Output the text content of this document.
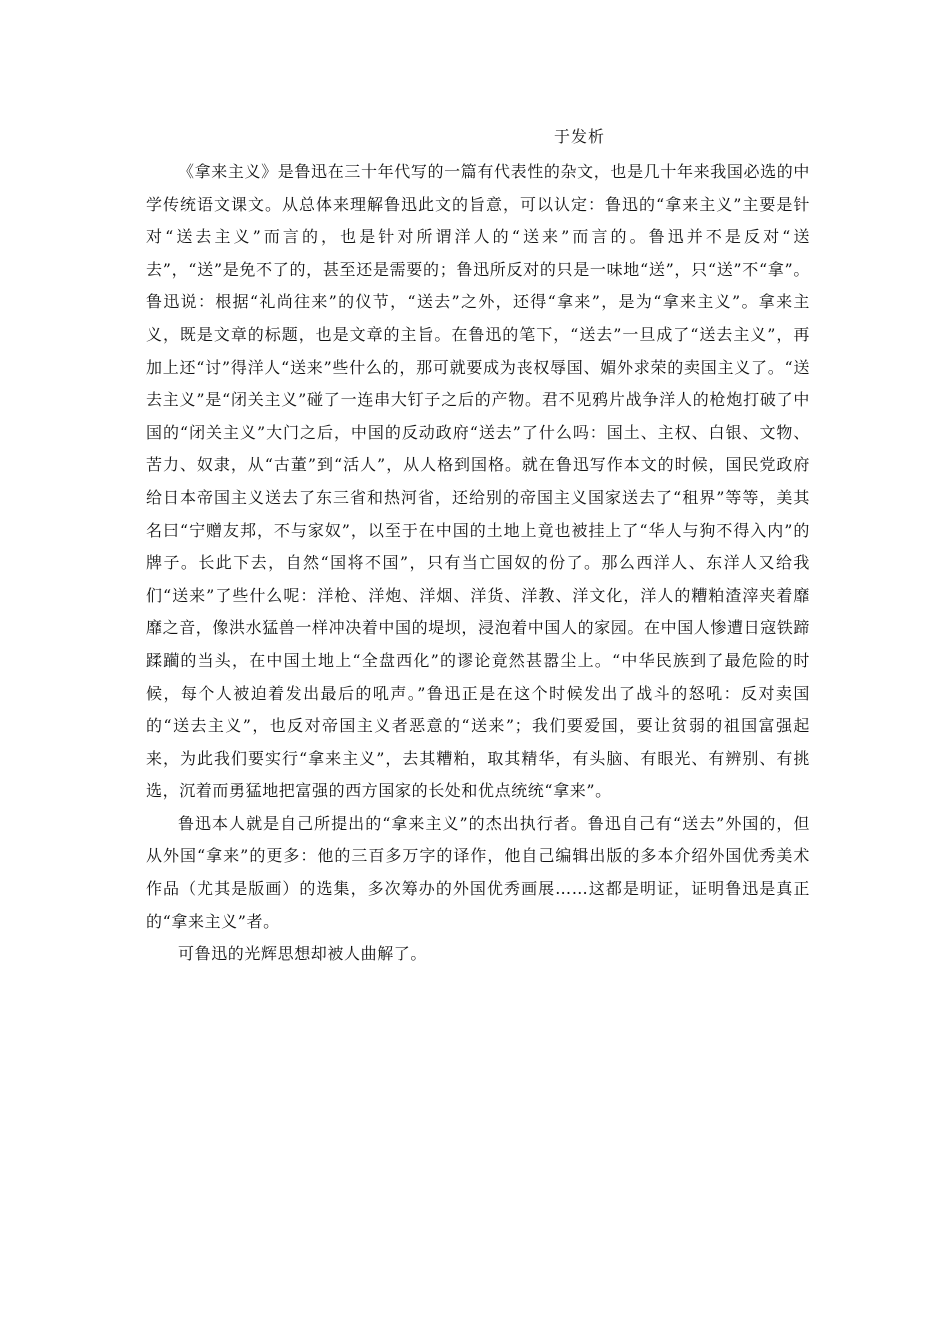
于发析

《拿来主义》是鲁迅在三十年代写的一篇有代表性的杂文，也是几十年来我国必选的中学传统语文课文。从总体来理解鲁迅此文的旨意，可以认定：鲁迅的“拿来主义”主要是针对“送去主义”而言的，也是针对所谓洋人的“送来”而言的。鲁迅并不是反对“送去”，“送”是免不了的，甚至还是需要的；鲁迅所反对的只是一味地“送”，只“送”不“拿”。鲁迅说：根据“礼尚往来”的仪节，“送去”之外，还得“拿来”，是为“拿来主义”。拿来主义，既是文章的标题，也是文章的主旨。在鲁迅的笔下，“送去”一旦成了“送去主义”，再加上还“讨”得洋人“送来”些什么的，那可就要成为丧权辱国、媚外求荣的卖国主义了。“送去主义”是“闭关主义”碰了一连串大钉子之后的产物。君不见鸦片战争洋人的枪炮打破了中国的“闭关主义”大门之后，中国的反动政府“送去”了什么吗：国土、主权、白银、文物、苦力、奴隶，从“古董”到“活人”，从人格到国格。就在鲁迅写作本文的时候，国民党政府给日本帝国主义送去了东三省和热河省，还给别的帝国主义国家送去了“租界”等等，美其名曰“宁赠友邦，不与家奴”，以至于在中国的土地上竟也被挂上了“华人与狗不得入内”的牌子。长此下去，自然“国将不国”，只有当亡国奴的份了。那么西洋人、东洋人又给我们“送来”了些什么呢：洋枪、洋炮、洋烟、洋货、洋教、洋文化，洋人的糟粕渣滓夹着靡靡之音，像洪水猛兽一样冲决着中国的堤坝，浸泡着中国人的家园。在中国人惨遭日寇铁蹄蹂躏的当头，在中国土地上“全盘西化”的谬论竟然甚嚣尘上。“中华民族到了最危险的时候，每个人被迫着发出最后的吼声。”鲁迅正是在这个时候发出了战斗的怒吼：反对卖国的“送去主义”，也反对帝国主义者恶意的“送来”；我们要爱国，要让贫弱的祖国富强起来，为此我们要实行“拿来主义”，去其糟粕，取其精华，有头脑、有眼光、有辨别、有挑选，沉着而勇猛地把富强的西方国家的长处和优点统统“拿来”。

鲁迅本人就是自己所提出的“拿来主义”的杰出执行者。鲁迅自己有“送去”外国的，但从外国“拿来”的更多：他的三百多万字的译作，他自己编辑出版的多本介绍外国优秀美术作品（尤其是版画）的选集，多次筹办的外国优秀画展……这都是明证，证明鲁迅是真正的“拿来主义”者。

可鲁迅的光辉思想却被人曲解了。
